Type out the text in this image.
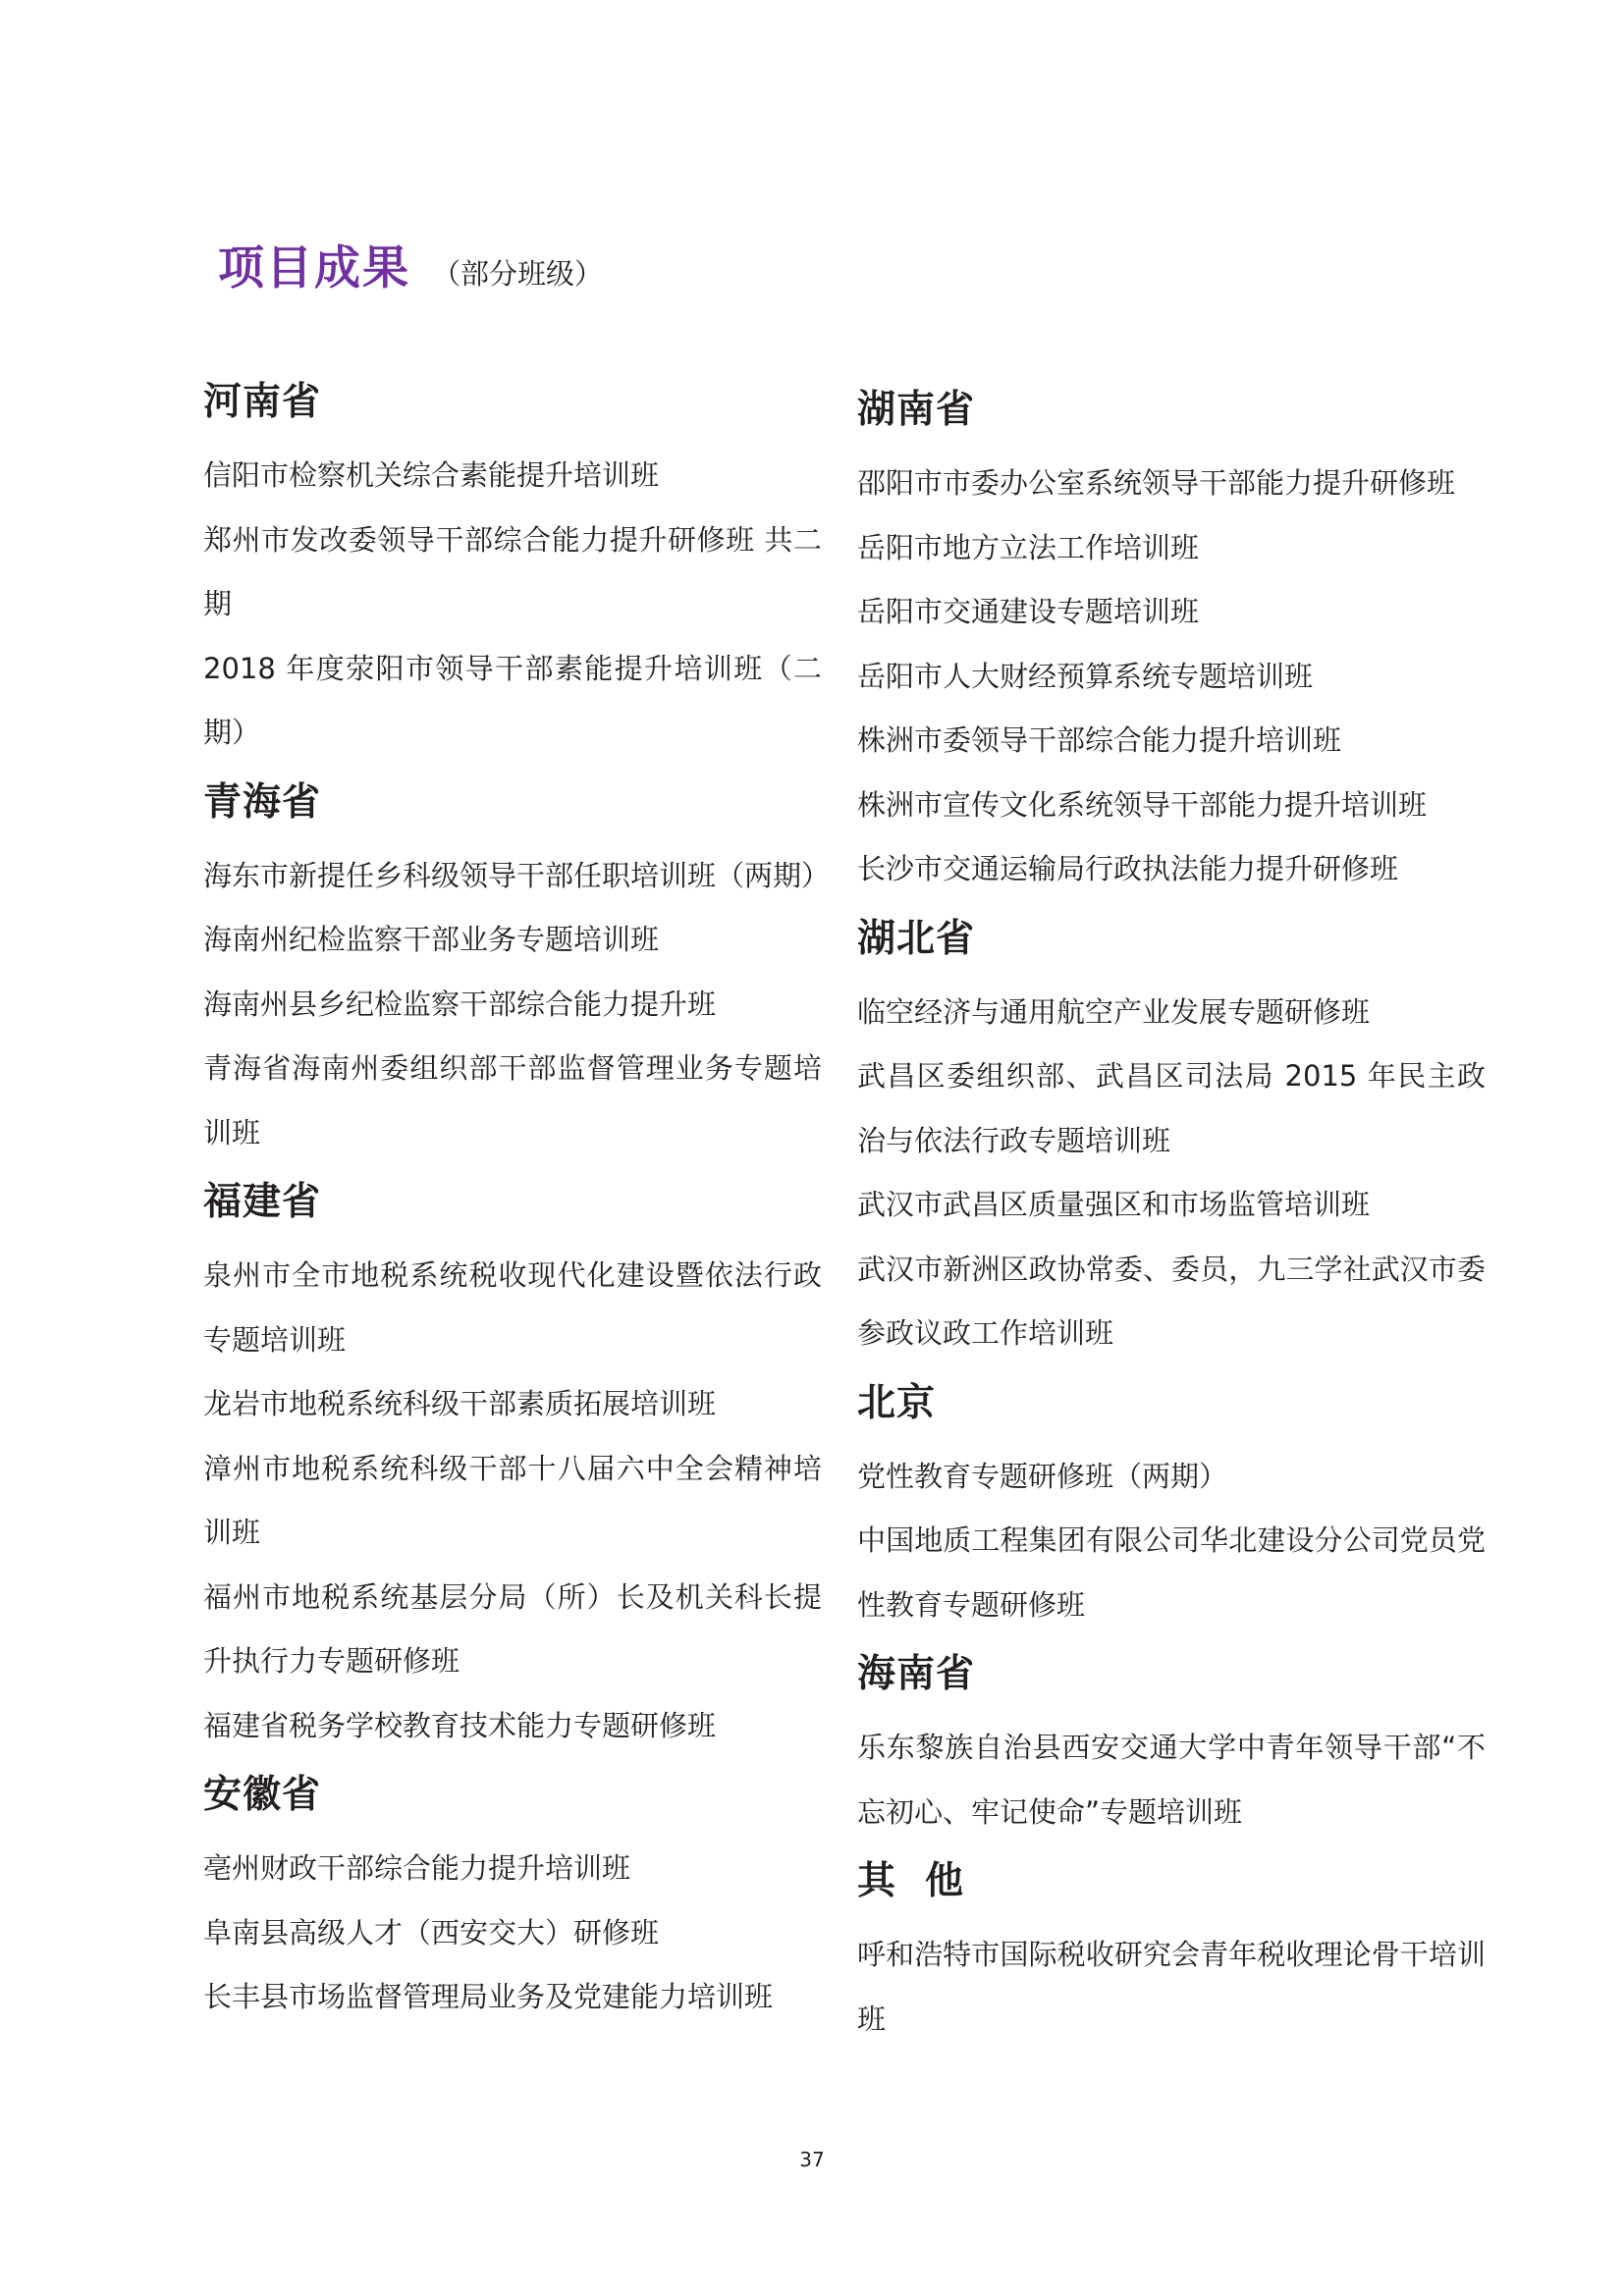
项目成果 （部分班级）
河南省

信阳市检察机关综合素能提升培训班

郑州市发改委领导干部综合能力提升研修班 共二期

2018 年度荥阳市领导干部素能提升培训班（二期）

青海省

海东市新提任乡科级领导干部任职培训班（两期）

海南州纪检监察干部业务专题培训班

海南州县乡纪检监察干部综合能力提升班

青海省海南州委组织部干部监督管理业务专题培训班

福建省

泉州市全市地税系统税收现代化建设暨依法行政专题培训班

龙岩市地税系统科级干部素质拓展培训班

漳州市地税系统科级干部十八届六中全会精神培训班

福州市地税系统基层分局（所）长及机关科长提升执行力专题研修班

福建省税务学校教育技术能力专题研修班

安徽省

亳州财政干部综合能力提升培训班

阜南县高级人才（西安交大）研修班

长丰县市场监督管理局业务及党建能力培训班

湖南省

邵阳市市委办公室系统领导干部能力提升研修班

岳阳市地方立法工作培训班

岳阳市交通建设专题培训班

岳阳市人大财经预算系统专题培训班

株洲市委领导干部综合能力提升培训班

株洲市宣传文化系统领导干部能力提升培训班

长沙市交通运输局行政执法能力提升研修班

湖北省

临空经济与通用航空产业发展专题研修班

武昌区委组织部、武昌区司法局 2015 年民主政治与依法行政专题培训班

武汉市武昌区质量强区和市场监管培训班

武汉市新洲区政协常委、委员，九三学社武汉市委参政议政工作培训班

北京

党性教育专题研修班（两期）

中国地质工程集团有限公司华北建设分公司党员党性教育专题研修班

海南省

乐东黎族自治县西安交通大学中青年领导干部“不忘初心、牢记使命”专题培训班

其他

呼和浩特市国际税收研究会青年税收理论骨干培训班

37
